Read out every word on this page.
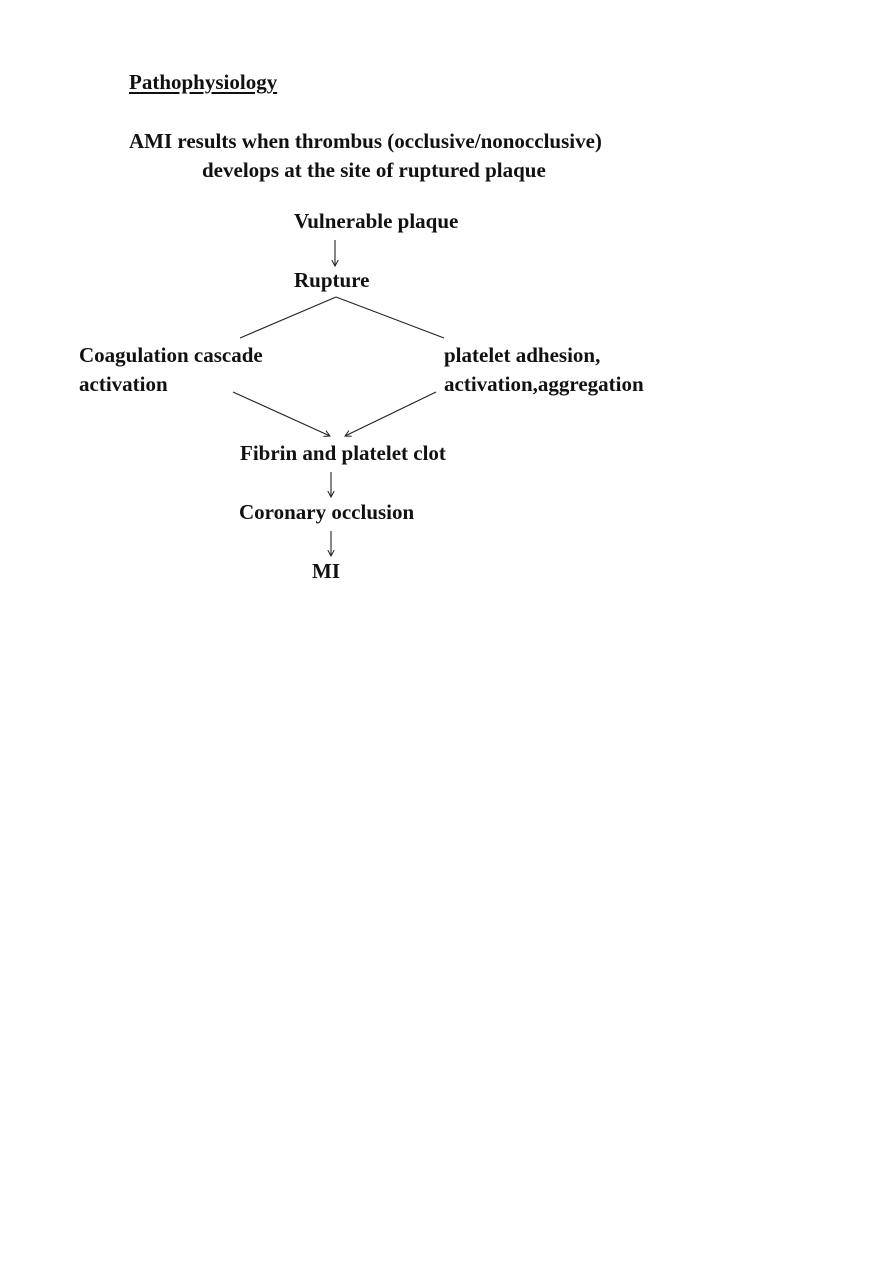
Pathophysiology
AMI results when thrombus (occlusive/nonocclusive)
develops at the site of ruptured plaque
Vulnerable plaque
Rupture
Coagulation cascade
activation
platelet adhesion,
activation,aggregation
Fibrin and platelet clot
Coronary occlusion
MI
